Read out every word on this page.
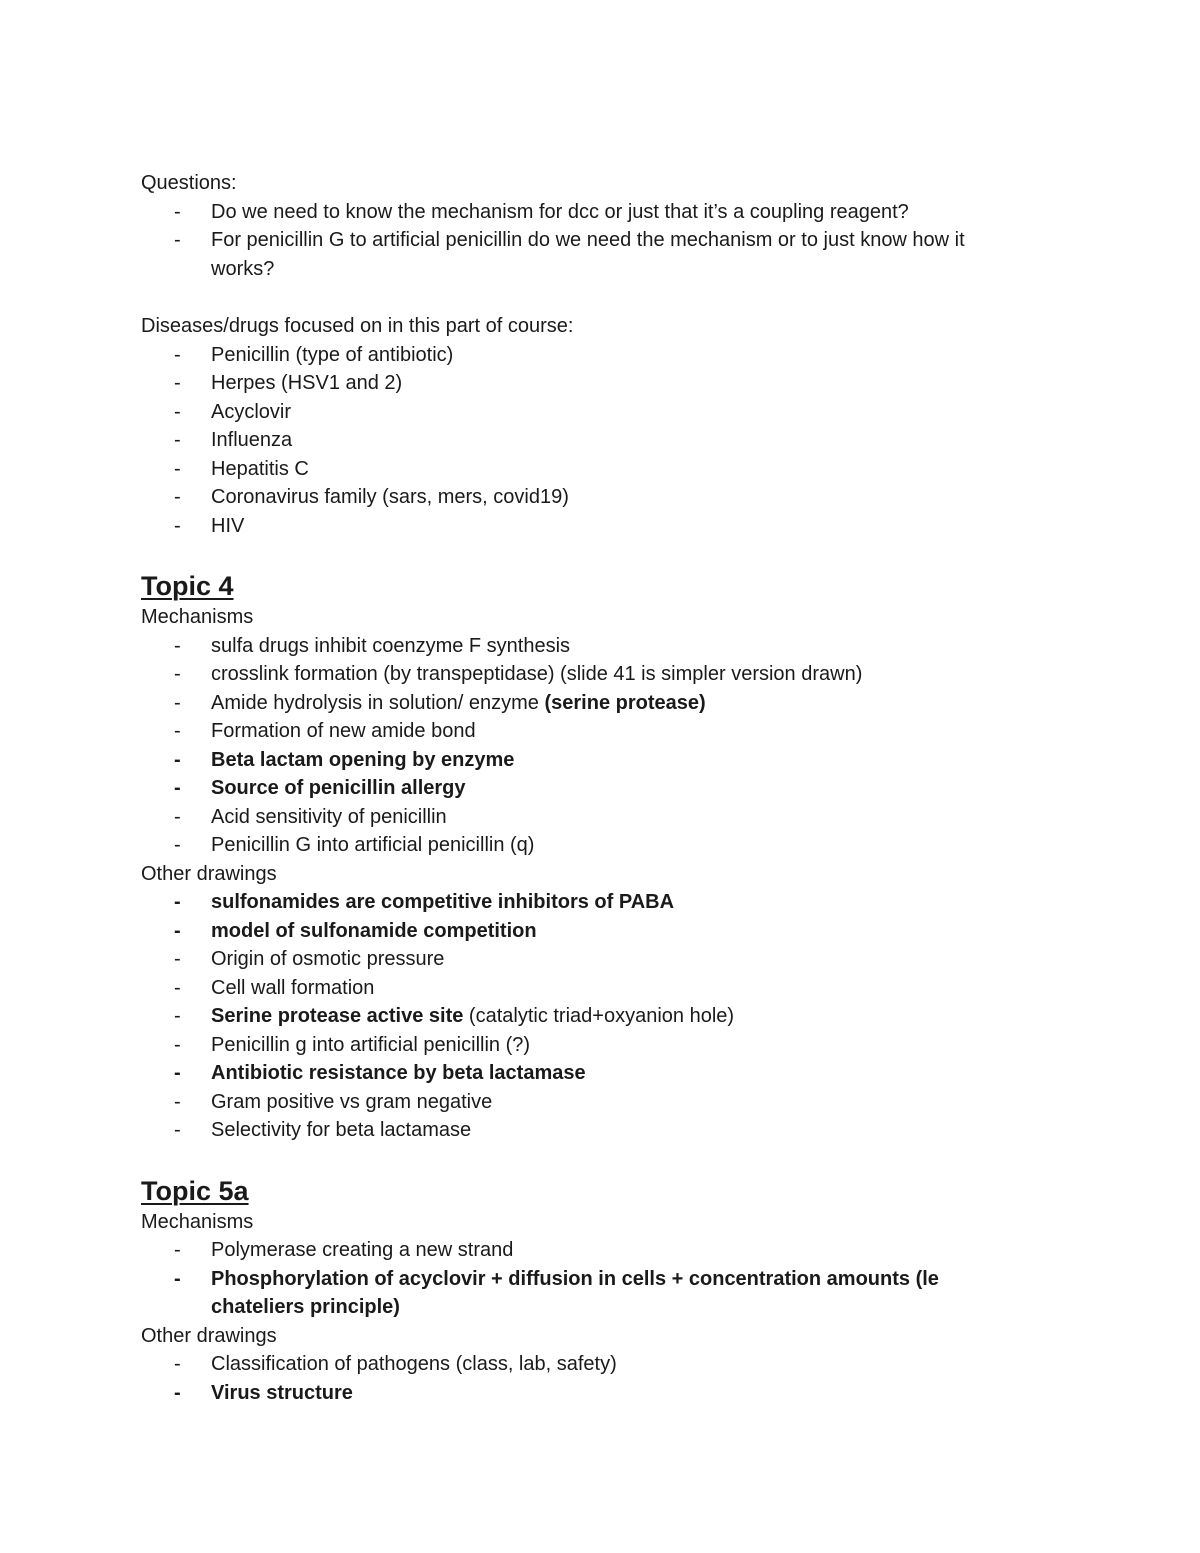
Questions:
- Do we need to know the mechanism for dcc or just that it’s a coupling reagent?
- For penicillin G to artificial penicillin do we need the mechanism or to just know how it works?
Diseases/drugs focused on in this part of course:
- Penicillin (type of antibiotic)
- Herpes (HSV1 and 2)
- Acyclovir
- Influenza
- Hepatitis C
- Coronavirus family (sars, mers, covid19)
- HIV
Topic 4
Mechanisms
- sulfa drugs inhibit coenzyme F synthesis
- crosslink formation (by transpeptidase) (slide 41 is simpler version drawn)
- Amide hydrolysis in solution/ enzyme (serine protease)
- Formation of new amide bond
- Beta lactam opening by enzyme
- Source of penicillin allergy
- Acid sensitivity of penicillin
- Penicillin G into artificial penicillin (q)
Other drawings
- sulfonamides are competitive inhibitors of PABA
- model of sulfonamide competition
- Origin of osmotic pressure
- Cell wall formation
- Serine protease active site (catalytic triad+oxyanion hole)
- Penicillin g into artificial penicillin (?)
- Antibiotic resistance by beta lactamase
- Gram positive vs gram negative
- Selectivity for beta lactamase
Topic 5a
Mechanisms
- Polymerase creating a new strand
- Phosphorylation of acyclovir + diffusion in cells + concentration amounts (le chateliers principle)
Other drawings
- Classification of pathogens (class, lab, safety)
- Virus structure
